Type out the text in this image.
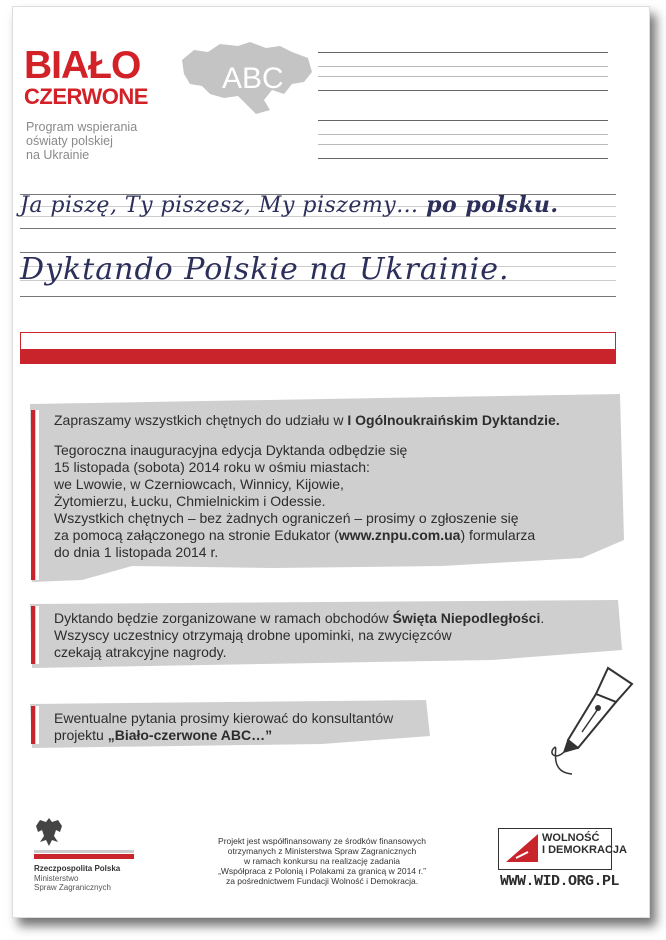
BIAŁO
CZERWONE
ABC
Program wspierania
oświaty polskiej
na Ukrainie
Ja piszę, Ty piszesz, My piszemy… po polsku.
Dyktando Polskie na Ukrainie.

Zapraszamy wszystkich chętnych do udziału w I Ogólnoukraińskim Dyktandzie.

Tegoroczna inauguracyjna edycja Dyktanda odbędzie się

15 listopada (sobota) 2014 roku w ośmiu miastach:

we Lwowie, w Czerniowcach, Winnicy, Kijowie,

Żytomierzu, Łucku, Chmielnickim i Odessie.

Wszystkich chętnych – bez żadnych ograniczeń – prosimy o zgłoszenie się

za pomocą załączonego na stronie Edukator (www.znpu.com.ua) formularza

do dnia 1 listopada 2014 r.

Dyktando będzie zorganizowane w ramach obchodów Święta Niepodległości.

Wszyscy uczestnicy otrzymają drobne upominki, na zwycięzców

czekają atrakcyjne nagrody.

Ewentualne pytania prosimy kierować do konsultantów

projektu „Biało-czerwone ABC…”

Rzeczpospolita Polska
Ministerstwo
Spraw Zagranicznych
Projekt jest współfinansowany ze środków finansowych
otrzymanych z Ministerstwa Spraw Zagranicznych
w ramach konkursu na realizację zadania
„Współpraca z Polonią i Polakami za granicą w 2014 r.”
za pośrednictwem Fundacji Wolność i Demokracja.
WOLNOŚĆ
I DEMOKRACJA
WWW.WID.ORG.PL
